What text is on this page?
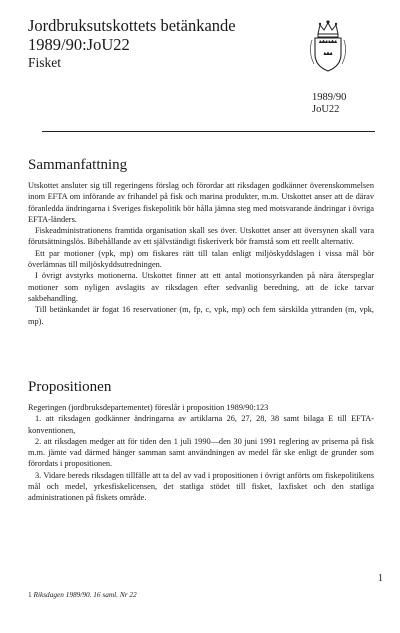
Jordbruksutskottets betänkande
1989/90:JoU22
Fisket
1989/90
JoU22
Sammanfattning

Utskottet ansluter sig till regeringens förslag och förordar att riksdagen godkänner överenskommelsen inom EFTA om införande av frihandel på fisk och marina produkter, m.m. Utskottet anser att de därav föranledda ändringarna i Sveriges fiskepolitik bör hålla jämna steg med motsvarande ändringar i övriga EFTA-länders.

Fiskeadministrationens framtida organisation skall ses över. Utskottet anser att översynen skall vara förutsättningslös. Bibehållande av ett självständigt fiskeriverk bör framstå som ett reellt alternativ.

Ett par motioner (vpk, mp) om fiskares rätt till talan enligt miljöskyddslagen i vissa mål bör överlämnas till miljöskyddsutredningen.

I övrigt avstyrks motionerna. Utskottet finner att ett antal motionsyrkanden på nära återspeglar motioner som nyligen avslagits av riksdagen efter sedvanlig beredning, att de icke tarvar sakbehandling.

Till betänkandet är fogat 16 reservationer (m, fp, c, vpk, mp) och fem särskilda yttranden (m, vpk, mp).

Propositionen

Regeringen (jordbruksdepartementet) föreslår i proposition 1989/90:123

1. att riksdagen godkänner ändringarna av artiklarna 26, 27, 28, 38 samt bilaga E till EFTA-konventionen,

2. att riksdagen medger att för tiden den 1 juli 1990—den 30 juni 1991 reglering av priserna på fisk m.m. jämte vad därmed hänger samman samt användningen av medel får ske enligt de grunder som förordats i propositionen.

3. Vidare bereds riksdagen tillfälle att ta del av vad i propositionen i övrigt anförts om fiskepolitikens mål och medel, yrkesfiskelicensen, det statliga stödet till fisket, laxfisket och den statliga administrationen på fiskets område.

1
1 Riksdagen 1989/90. 16 saml. Nr 22
